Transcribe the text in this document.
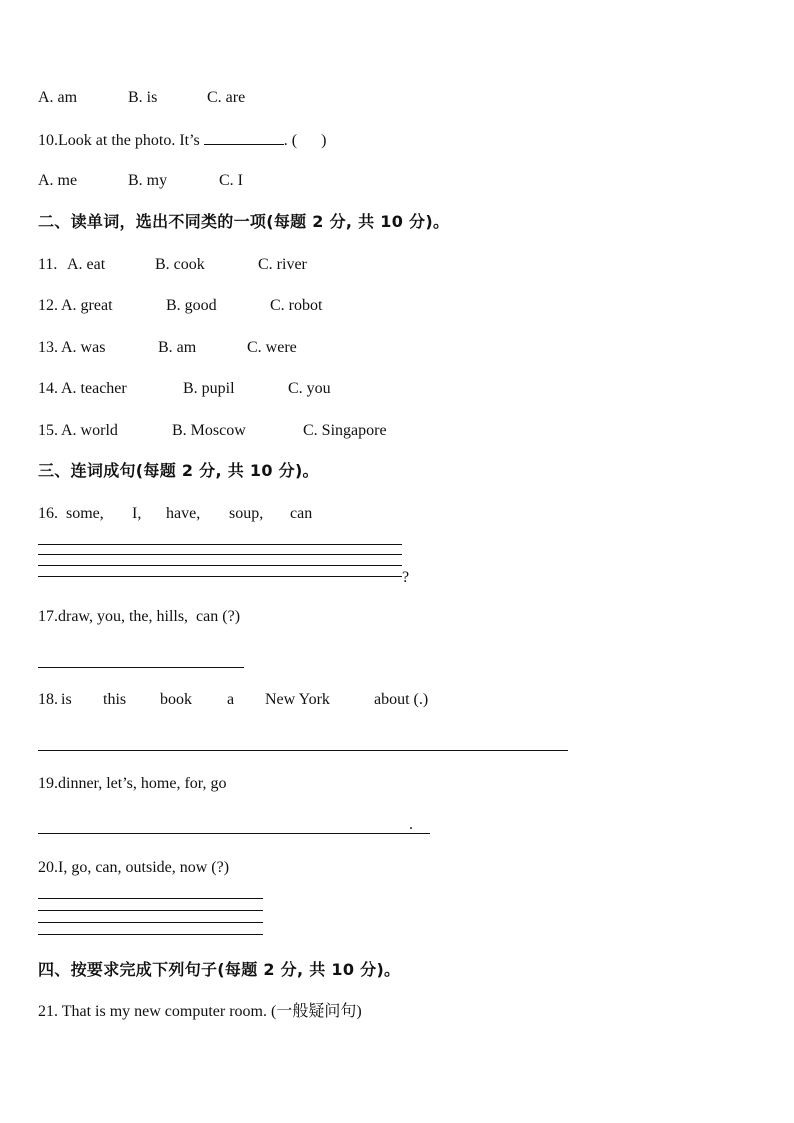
A. am	B. is	C. are
10.Look at the photo. It’s	. (      )
A. me	B. my	C. I
二、读单词，选出不同类的一项(每题 2 分, 共 10 分)。
11. A. eat	B. cook	C. river
12. A. great	B. good	C. robot
13. A. was	B. am	C. were
14. A. teacher	B. pupil	C. you
15. A. world	B. Moscow	C. Singapore
三、连词成句(每题 2 分, 共 10 分)。
16. some, I, have, soup, can
?
17.draw, you, the, hills,  can (?)
18. is this book a New York	about (.)
19.dinner, let’s, home, for, go
.
20.I, go, can, outside, now (?)
四、按要求完成下列句子(每题 2 分, 共 10 分)。
21. That is my new computer room. (一般疑问句)
